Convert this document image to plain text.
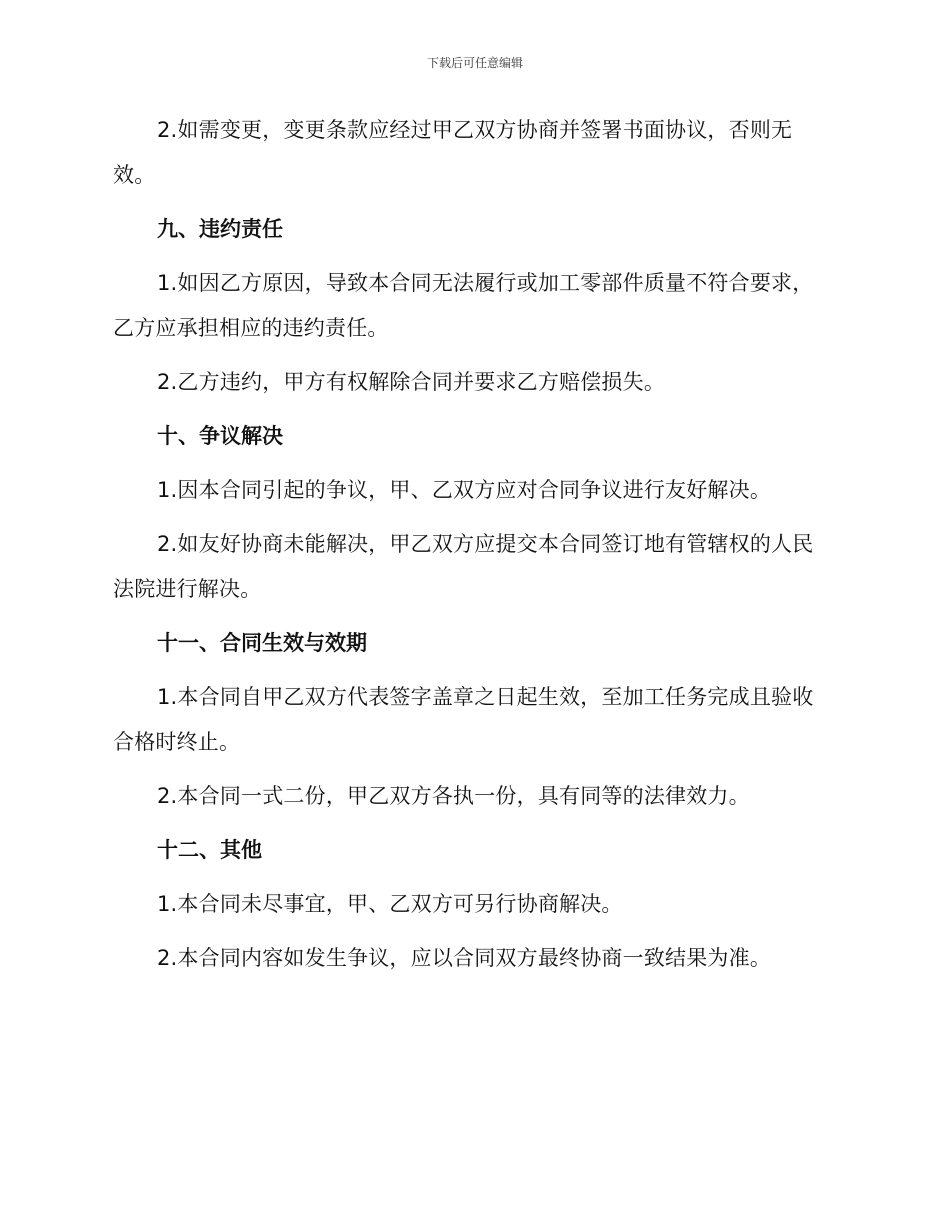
下载后可任意编辑

2.如需变更，变更条款应经过甲乙双方协商并签署书面协议，否则无效。

九、违约责任

1.如因乙方原因，导致本合同无法履行或加工零部件质量不符合要求，乙方应承担相应的违约责任。

2.乙方违约，甲方有权解除合同并要求乙方赔偿损失。

十、争议解决

1.因本合同引起的争议，甲、乙双方应对合同争议进行友好解决。

2.如友好协商未能解决，甲乙双方应提交本合同签订地有管辖权的人民法院进行解决。

十一、合同生效与效期

1.本合同自甲乙双方代表签字盖章之日起生效，至加工任务完成且验收合格时终止。

2.本合同一式二份，甲乙双方各执一份，具有同等的法律效力。

十二、其他

1.本合同未尽事宜，甲、乙双方可另行协商解决。

2.本合同内容如发生争议，应以合同双方最终协商一致结果为准。
